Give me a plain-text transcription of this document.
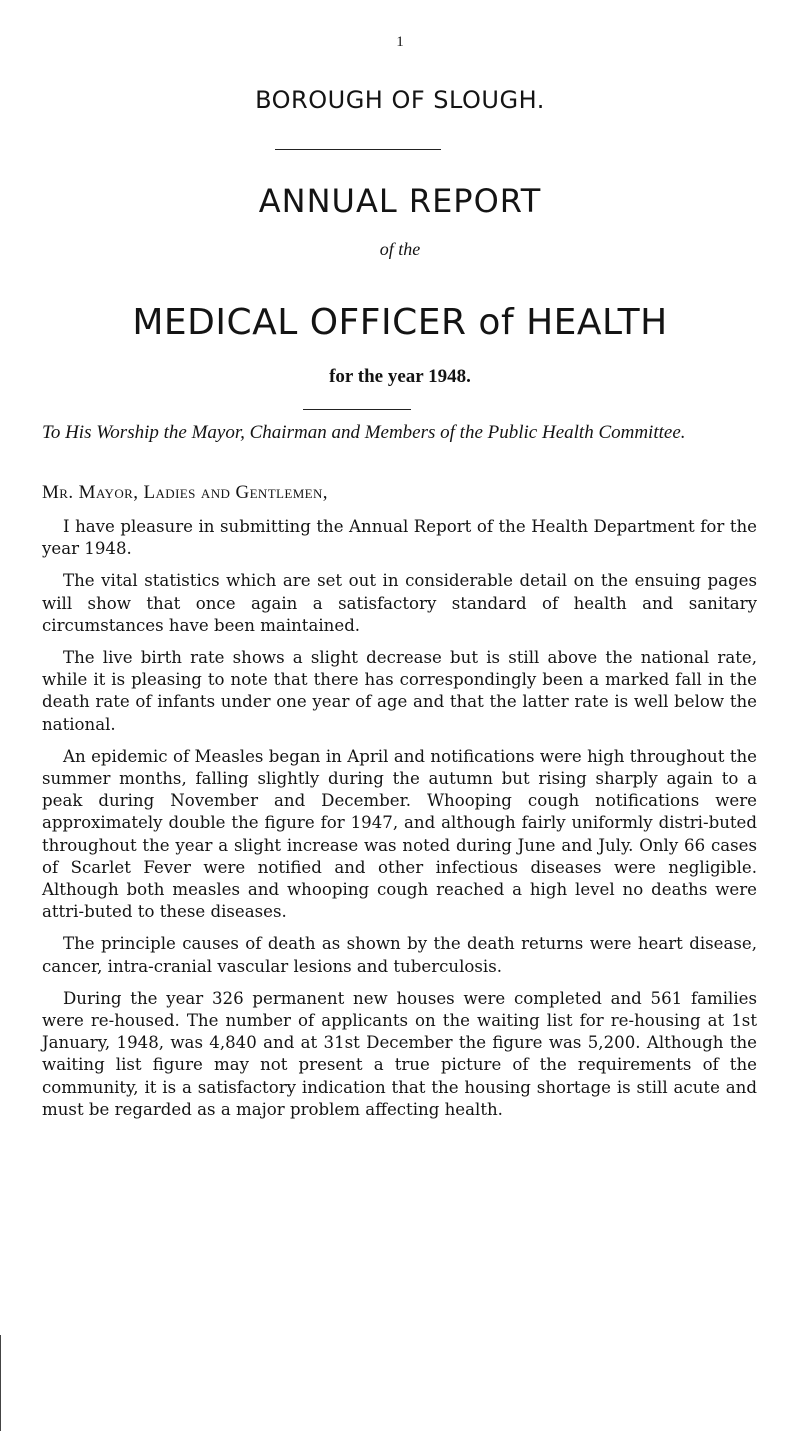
1
BOROUGH OF SLOUGH.
ANNUAL REPORT
of the
MEDICAL OFFICER of HEALTH
for the year 1948.
To His Worship the Mayor, Chairman and Members of the Public Health Committee.
Mr. Mayor, Ladies and Gentlemen,

I have pleasure in submitting the Annual Report of the Health Department for the year 1948.

The vital statistics which are set out in considerable detail on the ensuing pages will show that once again a satisfactory standard of health and sanitary circumstances have been maintained.

The live birth rate shows a slight decrease but is still above the national rate, while it is pleasing to note that there has correspondingly been a marked fall in the death rate of infants under one year of age and that the latter rate is well below the national.

An epidemic of Measles began in April and notifications were high throughout the summer months, falling slightly during the autumn but rising sharply again to a peak during November and December. Whooping cough notifications were approximately double the figure for 1947, and although fairly uniformly distri-buted throughout the year a slight increase was noted during June and July. Only 66 cases of Scarlet Fever were notified and other infectious diseases were negligible. Although both measles and whooping cough reached a high level no deaths were attri-buted to these diseases.

The principle causes of death as shown by the death returns were heart disease, cancer, intra-cranial vascular lesions and tuberculosis.

During the year 326 permanent new houses were completed and 561 families were re-housed. The number of applicants on the waiting list for re-housing at 1st January, 1948, was 4,840 and at 31st December the figure was 5,200. Although the waiting list figure may not present a true picture of the requirements of the community, it is a satisfactory indication that the housing shortage is still acute and must be regarded as a major problem affecting health.
